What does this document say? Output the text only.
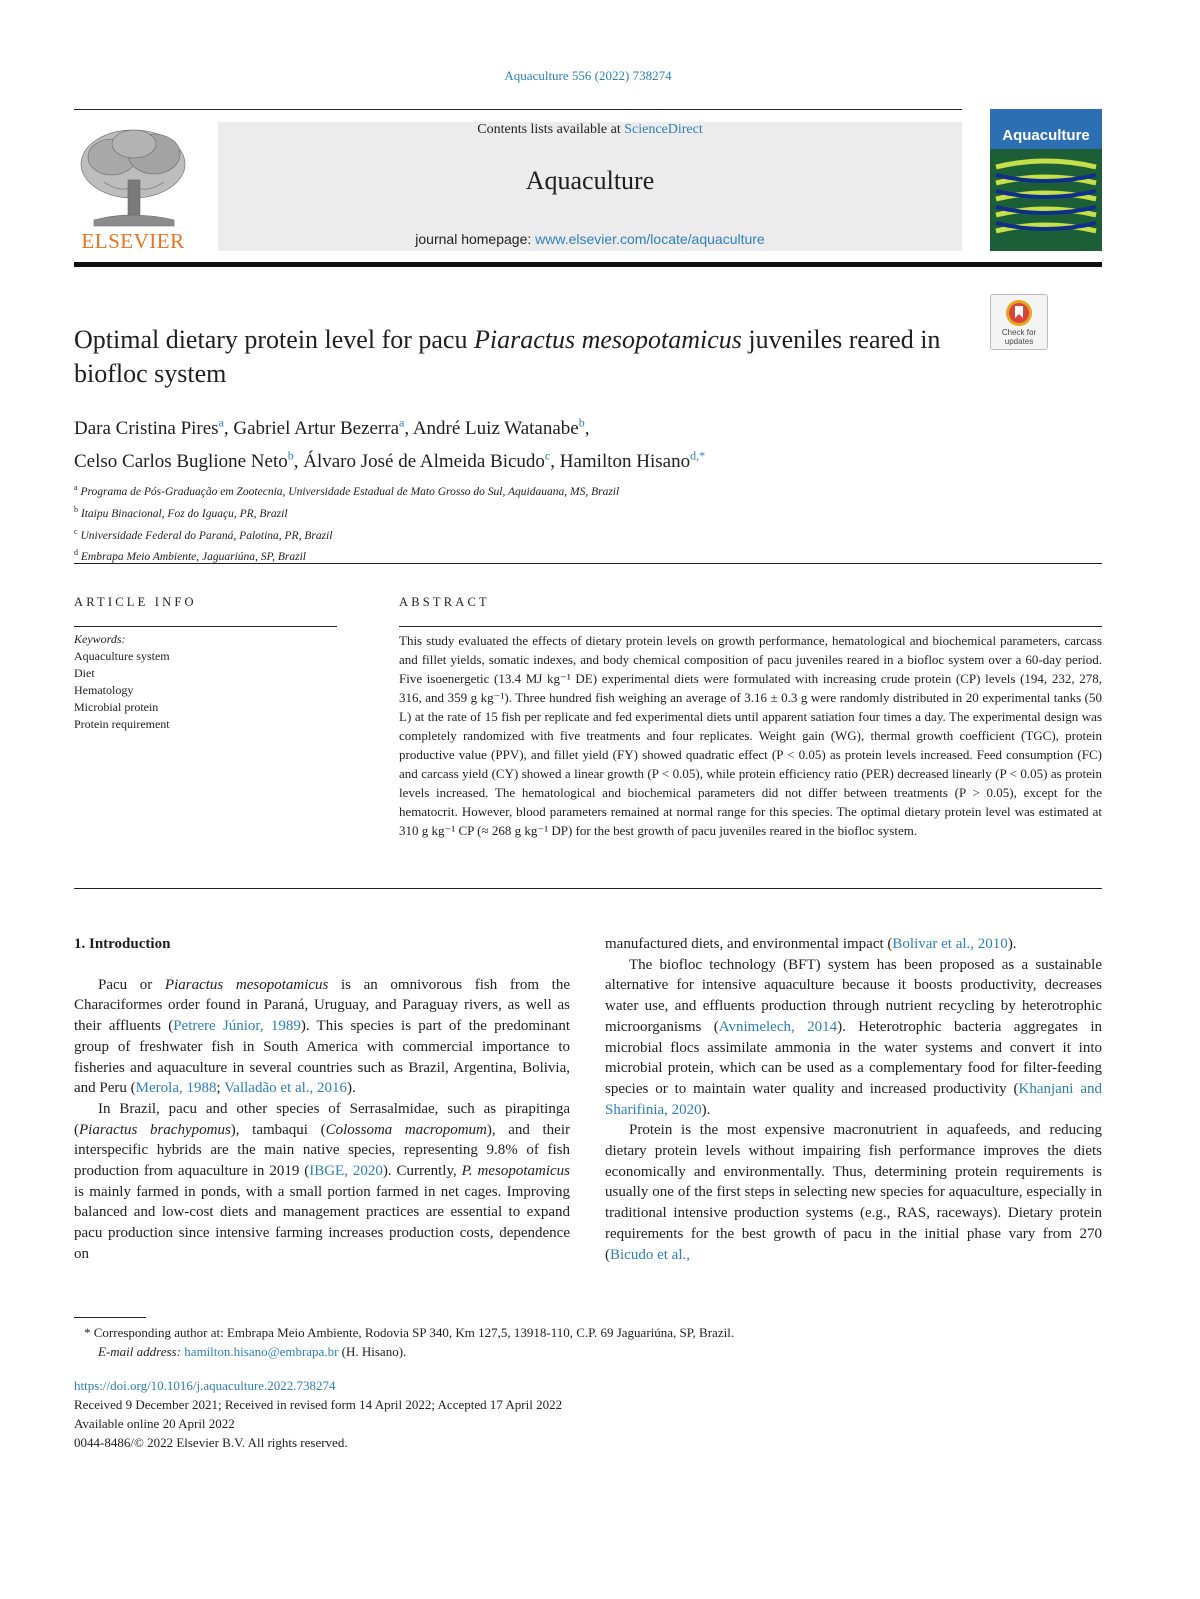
Aquaculture 556 (2022) 738274
ELSEVIER
Contents lists available at ScienceDirect
Aquaculture
journal homepage: www.elsevier.com/locate/aquaculture
Aquaculture
Check for updates
Optimal dietary protein level for pacu Piaractus mesopotamicus juveniles reared in biofloc system
Dara Cristina Pires$^a$, Gabriel Artur Bezerra$^a$, André Luiz Watanabe$^b$,
Celso Carlos Buglione Neto$^b$, Álvaro José de Almeida Bicudo$^c$, Hamilton Hisano$^{d,*}$
$^a$ Programa de Pós-Graduação em Zootecnia, Universidade Estadual de Mato Grosso do Sul, Aquidauana, MS, Brazil
$^b$ Itaipu Binacional, Foz do Iguaçu, PR, Brazil
$^c$ Universidade Federal do Paraná, Palotina, PR, Brazil
$^d$ Embrapa Meio Ambiente, Jaguariúna, SP, Brazil
ARTICLE INFO
Keywords:
Aquaculture system
Diet
Hematology
Microbial protein
Protein requirement
ABSTRACT
This study evaluated the effects of dietary protein levels on growth performance, hematological and biochemical parameters, carcass and fillet yields, somatic indexes, and body chemical composition of pacu juveniles reared in a biofloc system over a 60-day period. Five isoenergetic (13.4 MJ kg⁻¹ DE) experimental diets were formulated with increasing crude protein (CP) levels (194, 232, 278, 316, and 359 g kg⁻¹). Three hundred fish weighing an average of 3.16 ± 0.3 g were randomly distributed in 20 experimental tanks (50 L) at the rate of 15 fish per replicate and fed experimental diets until apparent satiation four times a day. The experimental design was completely randomized with five treatments and four replicates. Weight gain (WG), thermal growth coefficient (TGC), protein productive value (PPV), and fillet yield (FY) showed quadratic effect (P < 0.05) as protein levels increased. Feed consumption (FC) and carcass yield (CY) showed a linear growth (P < 0.05), while protein efficiency ratio (PER) decreased linearly (P < 0.05) as protein levels increased. The hematological and biochemical parameters did not differ between treatments (P > 0.05), except for the hematocrit. However, blood parameters remained at normal range for this species. The optimal dietary protein level was estimated at 310 g kg⁻¹ CP (≈ 268 g kg⁻¹ DP) for the best growth of pacu juveniles reared in the biofloc system.

1. Introduction

Pacu or Piaractus mesopotamicus is an omnivorous fish from the Characiformes order found in Paraná, Uruguay, and Paraguay rivers, as well as their affluents (Petrere Júnior, 1989). This species is part of the predominant group of freshwater fish in South America with commercial importance to fisheries and aquaculture in several countries such as Brazil, Argentina, Bolivia, and Peru (Merola, 1988; Valladão et al., 2016).

In Brazil, pacu and other species of Serrasalmidae, such as pirapitinga (Piaractus brachypomus), tambaqui (Colossoma macropomum), and their interspecific hybrids are the main native species, representing 9.8% of fish production from aquaculture in 2019 (IBGE, 2020). Currently, P. mesopotamicus is mainly farmed in ponds, with a small portion farmed in net cages. Improving balanced and low-cost diets and management practices are essential to expand pacu production since intensive farming increases production costs, dependence on

manufactured diets, and environmental impact (Bolivar et al., 2010).

The biofloc technology (BFT) system has been proposed as a sustainable alternative for intensive aquaculture because it boosts productivity, decreases water use, and effluents production through nutrient recycling by heterotrophic microorganisms (Avnimelech, 2014). Heterotrophic bacteria aggregates in microbial flocs assimilate ammonia in the water systems and convert it into microbial protein, which can be used as a complementary food for filter-feeding species or to maintain water quality and increased productivity (Khanjani and Sharifinia, 2020).

Protein is the most expensive macronutrient in aquafeeds, and reducing dietary protein levels without impairing fish performance improves the diets economically and environmentally. Thus, determining protein requirements is usually one of the first steps in selecting new species for aquaculture, especially in traditional intensive production systems (e.g., RAS, raceways). Dietary protein requirements for the best growth of pacu in the initial phase vary from 270 (Bicudo et al.,

* Corresponding author at: Embrapa Meio Ambiente, Rodovia SP 340, Km 127,5, 13918-110, C.P. 69 Jaguariúna, SP, Brazil.
E-mail address: hamilton.hisano@embrapa.br (H. Hisano).
https://doi.org/10.1016/j.aquaculture.2022.738274
Received 9 December 2021; Received in revised form 14 April 2022; Accepted 17 April 2022
Available online 20 April 2022
0044-8486/© 2022 Elsevier B.V. All rights reserved.
